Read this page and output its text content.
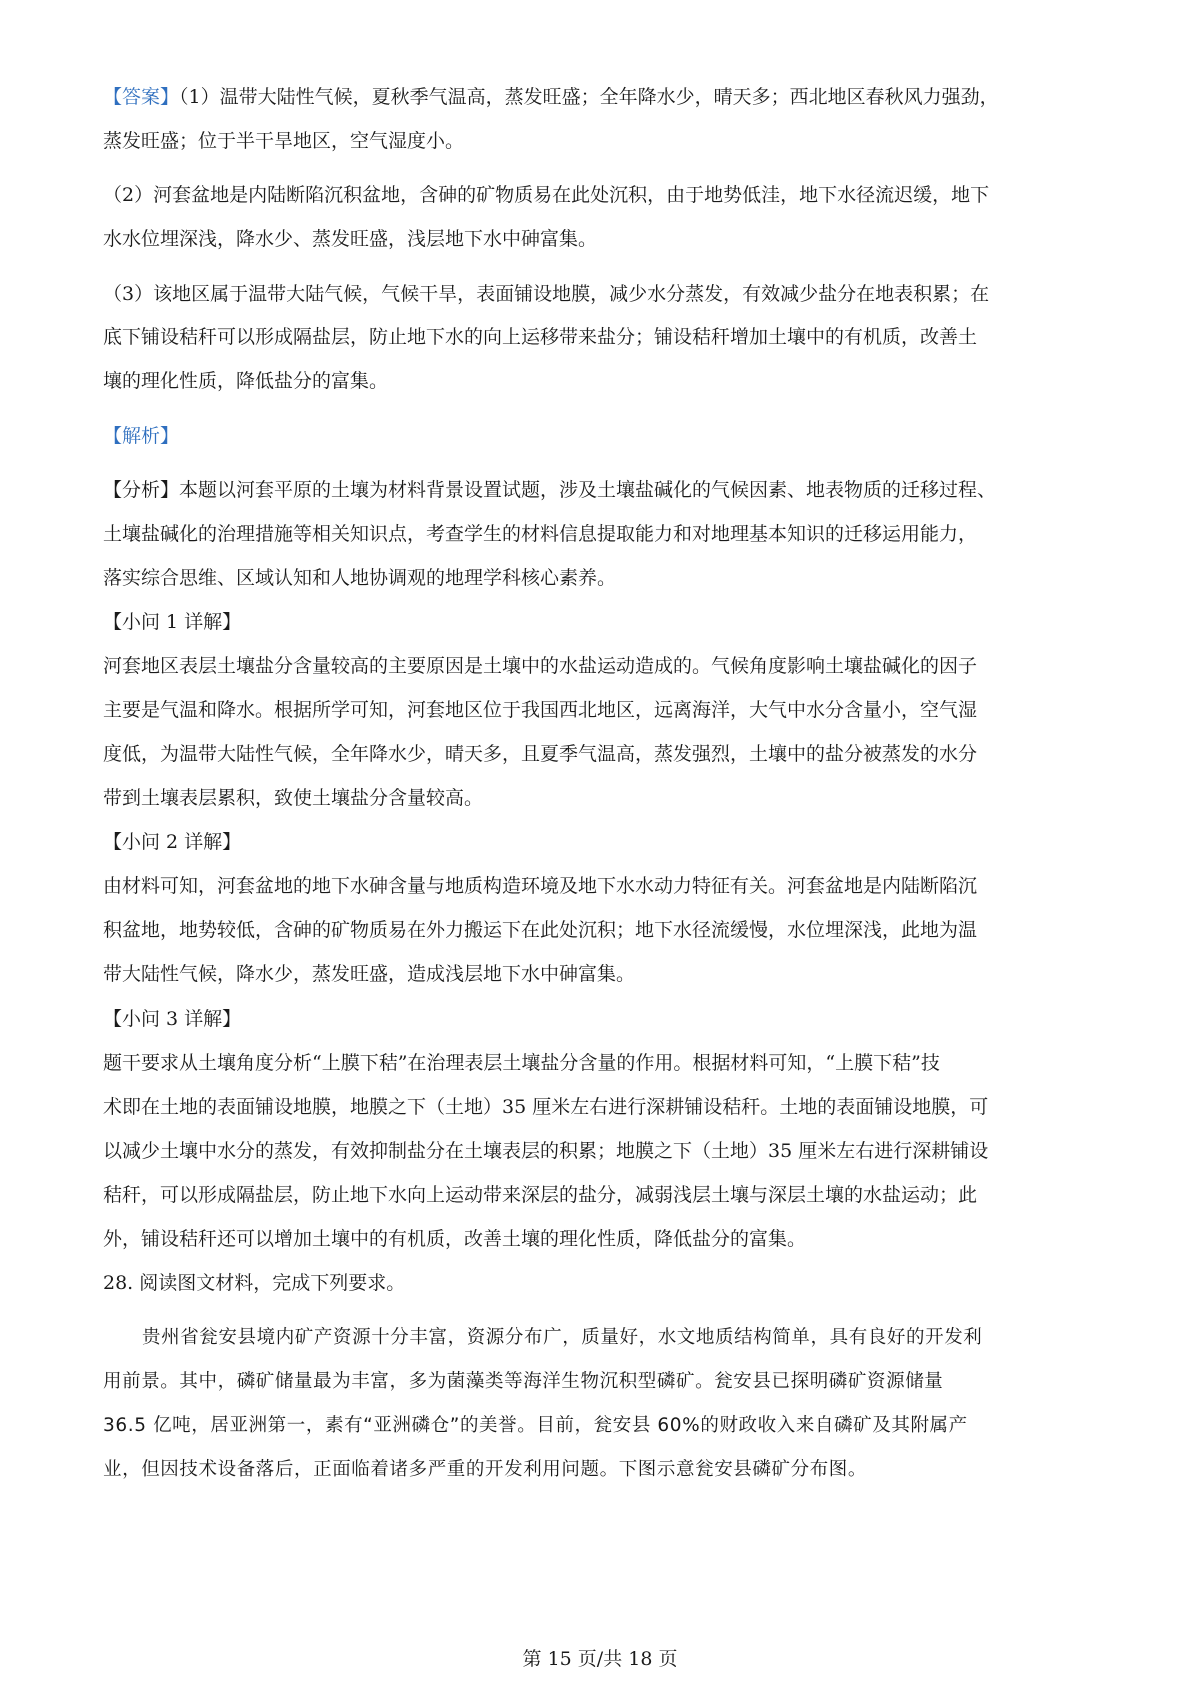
【答案】（1）温带大陆性气候，夏秋季气温高，蒸发旺盛；全年降水少，晴天多；西北地区春秋风力强劲，
蒸发旺盛；位于半干旱地区，空气湿度小。
（2）河套盆地是内陆断陷沉积盆地，含砷的矿物质易在此处沉积，由于地势低洼，地下水径流迟缓，地下
水水位埋深浅，降水少、蒸发旺盛，浅层地下水中砷富集。
（3）该地区属于温带大陆气候，气候干旱，表面铺设地膜，减少水分蒸发，有效减少盐分在地表积累；在
底下铺设秸秆可以形成隔盐层，防止地下水的向上运移带来盐分；铺设秸秆增加土壤中的有机质，改善土
壤的理化性质，降低盐分的富集。
【解析】
【分析】本题以河套平原的土壤为材料背景设置试题，涉及土壤盐碱化的气候因素、地表物质的迁移过程、
土壤盐碱化的治理措施等相关知识点，考查学生的材料信息提取能力和对地理基本知识的迁移运用能力，
落实综合思维、区域认知和人地协调观的地理学科核心素养。
【小问 1 详解】
河套地区表层土壤盐分含量较高的主要原因是土壤中的水盐运动造成的。气候角度影响土壤盐碱化的因子
主要是气温和降水。根据所学可知，河套地区位于我国西北地区，远离海洋，大气中水分含量小，空气湿
度低，为温带大陆性气候，全年降水少，晴天多，且夏季气温高，蒸发强烈，土壤中的盐分被蒸发的水分
带到土壤表层累积，致使土壤盐分含量较高。
【小问 2 详解】
由材料可知，河套盆地的地下水砷含量与地质构造环境及地下水水动力特征有关。河套盆地是内陆断陷沉
积盆地，地势较低，含砷的矿物质易在外力搬运下在此处沉积；地下水径流缓慢，水位埋深浅，此地为温
带大陆性气候，降水少，蒸发旺盛，造成浅层地下水中砷富集。
【小问 3 详解】
题干要求从土壤角度分析“上膜下秸”在治理表层土壤盐分含量的作用。根据材料可知，“上膜下秸”技
术即在土地的表面铺设地膜，地膜之下（土地）35 厘米左右进行深耕铺设秸秆。土地的表面铺设地膜，可
以减少土壤中水分的蒸发，有效抑制盐分在土壤表层的积累；地膜之下（土地）35 厘米左右进行深耕铺设
秸秆，可以形成隔盐层，防止地下水向上运动带来深层的盐分，减弱浅层土壤与深层土壤的水盐运动；此
外，铺设秸秆还可以增加土壤中的有机质，改善土壤的理化性质，降低盐分的富集。
28. 阅读图文材料，完成下列要求。
贵州省瓮安县境内矿产资源十分丰富，资源分布广，质量好，水文地质结构简单，具有良好的开发利
用前景。其中，磷矿储量最为丰富，多为菌藻类等海洋生物沉积型磷矿。瓮安县已探明磷矿资源储量
36.5 亿吨，居亚洲第一，素有“亚洲磷仓”的美誉。目前，瓮安县 60%的财政收入来自磷矿及其附属产
业，但因技术设备落后，正面临着诸多严重的开发利用问题。下图示意瓮安县磷矿分布图。
第 15 页/共 18 页
